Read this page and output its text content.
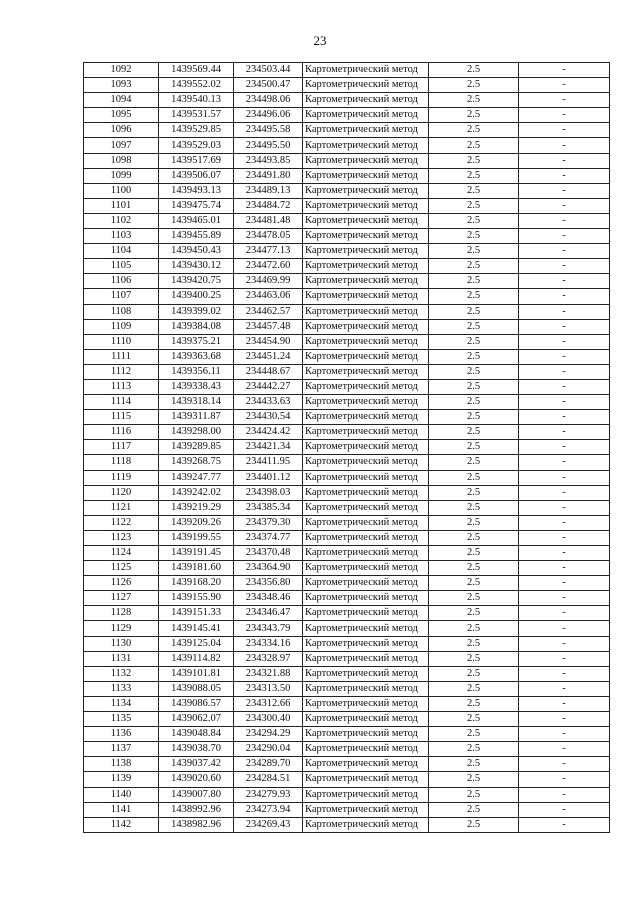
23
1092	1439569.44	234503.44	Картометрический метод	2.5	-
1093	1439552.02	234500.47	Картометрический метод	2.5	-
1094	1439540.13	234498.06	Картометрический метод	2.5	-
1095	1439531.57	234496.06	Картометрический метод	2.5	-
1096	1439529.85	234495.58	Картометрический метод	2.5	-
1097	1439529.03	234495.50	Картометрический метод	2.5	-
1098	1439517.69	234493.85	Картометрический метод	2.5	-
1099	1439506.07	234491.80	Картометрический метод	2.5	-
1100	1439493.13	234489.13	Картометрический метод	2.5	-
1101	1439475.74	234484.72	Картометрический метод	2.5	-
1102	1439465.01	234481.48	Картометрический метод	2.5	-
1103	1439455.89	234478.05	Картометрический метод	2.5	-
1104	1439450.43	234477.13	Картометрический метод	2.5	-
1105	1439430.12	234472.60	Картометрический метод	2.5	-
1106	1439420.75	234469.99	Картометрический метод	2.5	-
1107	1439400.25	234463.06	Картометрический метод	2.5	-
1108	1439399.02	234462.57	Картометрический метод	2.5	-
1109	1439384.08	234457.48	Картометрический метод	2.5	-
1110	1439375.21	234454.90	Картометрический метод	2.5	-
1111	1439363.68	234451.24	Картометрический метод	2.5	-
1112	1439356.11	234448.67	Картометрический метод	2.5	-
1113	1439338.43	234442.27	Картометрический метод	2.5	-
1114	1439318.14	234433.63	Картометрический метод	2.5	-
1115	1439311.87	234430.54	Картометрический метод	2.5	-
1116	1439298.00	234424.42	Картометрический метод	2.5	-
1117	1439289.85	234421.34	Картометрический метод	2.5	-
1118	1439268.75	234411.95	Картометрический метод	2.5	-
1119	1439247.77	234401.12	Картометрический метод	2.5	-
1120	1439242.02	234398.03	Картометрический метод	2.5	-
1121	1439219.29	234385.34	Картометрический метод	2.5	-
1122	1439209.26	234379.30	Картометрический метод	2.5	-
1123	1439199.55	234374.77	Картометрический метод	2.5	-
1124	1439191.45	234370.48	Картометрический метод	2.5	-
1125	1439181.60	234364.90	Картометрический метод	2.5	-
1126	1439168.20	234356.80	Картометрический метод	2.5	-
1127	1439155.90	234348.46	Картометрический метод	2.5	-
1128	1439151.33	234346.47	Картометрический метод	2.5	-
1129	1439145.41	234343.79	Картометрический метод	2.5	-
1130	1439125.04	234334.16	Картометрический метод	2.5	-
1131	1439114.82	234328.97	Картометрический метод	2.5	-
1132	1439101.81	234321.88	Картометрический метод	2.5	-
1133	1439088.05	234313.50	Картометрический метод	2.5	-
1134	1439086.57	234312.66	Картометрический метод	2.5	-
1135	1439062.07	234300.40	Картометрический метод	2.5	-
1136	1439048.84	234294.29	Картометрический метод	2.5	-
1137	1439038.70	234290.04	Картометрический метод	2.5	-
1138	1439037.42	234289.70	Картометрический метод	2.5	-
1139	1439020.60	234284.51	Картометрический метод	2.5	-
1140	1439007.80	234279.93	Картометрический метод	2.5	-
1141	1438992.96	234273.94	Картометрический метод	2.5	-
1142	1438982.96	234269.43	Картометрический метод	2.5	-
